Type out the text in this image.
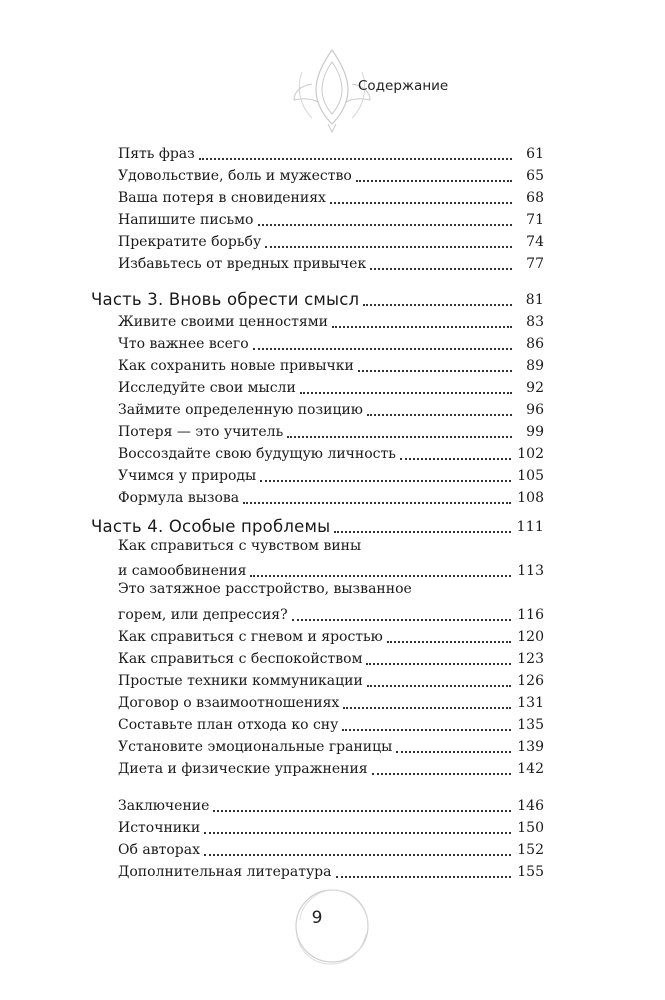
Содержание
Пять фраз	61
Удовольствие, боль и мужество	65
Ваша потеря в сновидениях	68
Напишите письмо	71
Прекратите борьбу	74
Избавьтесь от вредных привычек	77
Часть 3. Вновь обрести смысл	81
Живите своими ценностями	83
Что важнее всего	86
Как сохранить новые привычки	89
Исследуйте свои мысли	92
Займите определенную позицию	96
Потеря — это учитель	99
Воссоздайте свою будущую личность	102
Учимся у природы	105
Формула вызова	108
Часть 4. Особые проблемы	111
Как справиться с чувством вины
и самообвинения	113
Это затяжное расстройство, вызванное
горем, или депрессия?	116
Как справиться с гневом и яростью	120
Как справиться с беспокойством	123
Простые техники коммуникации	126
Договор о взаимоотношениях	131
Составьте план отхода ко сну	135
Установите эмоциональные границы	139
Диета и физические упражнения	142
Заключение	146
Источники	150
Об авторах	152
Дополнительная литература	155
9
